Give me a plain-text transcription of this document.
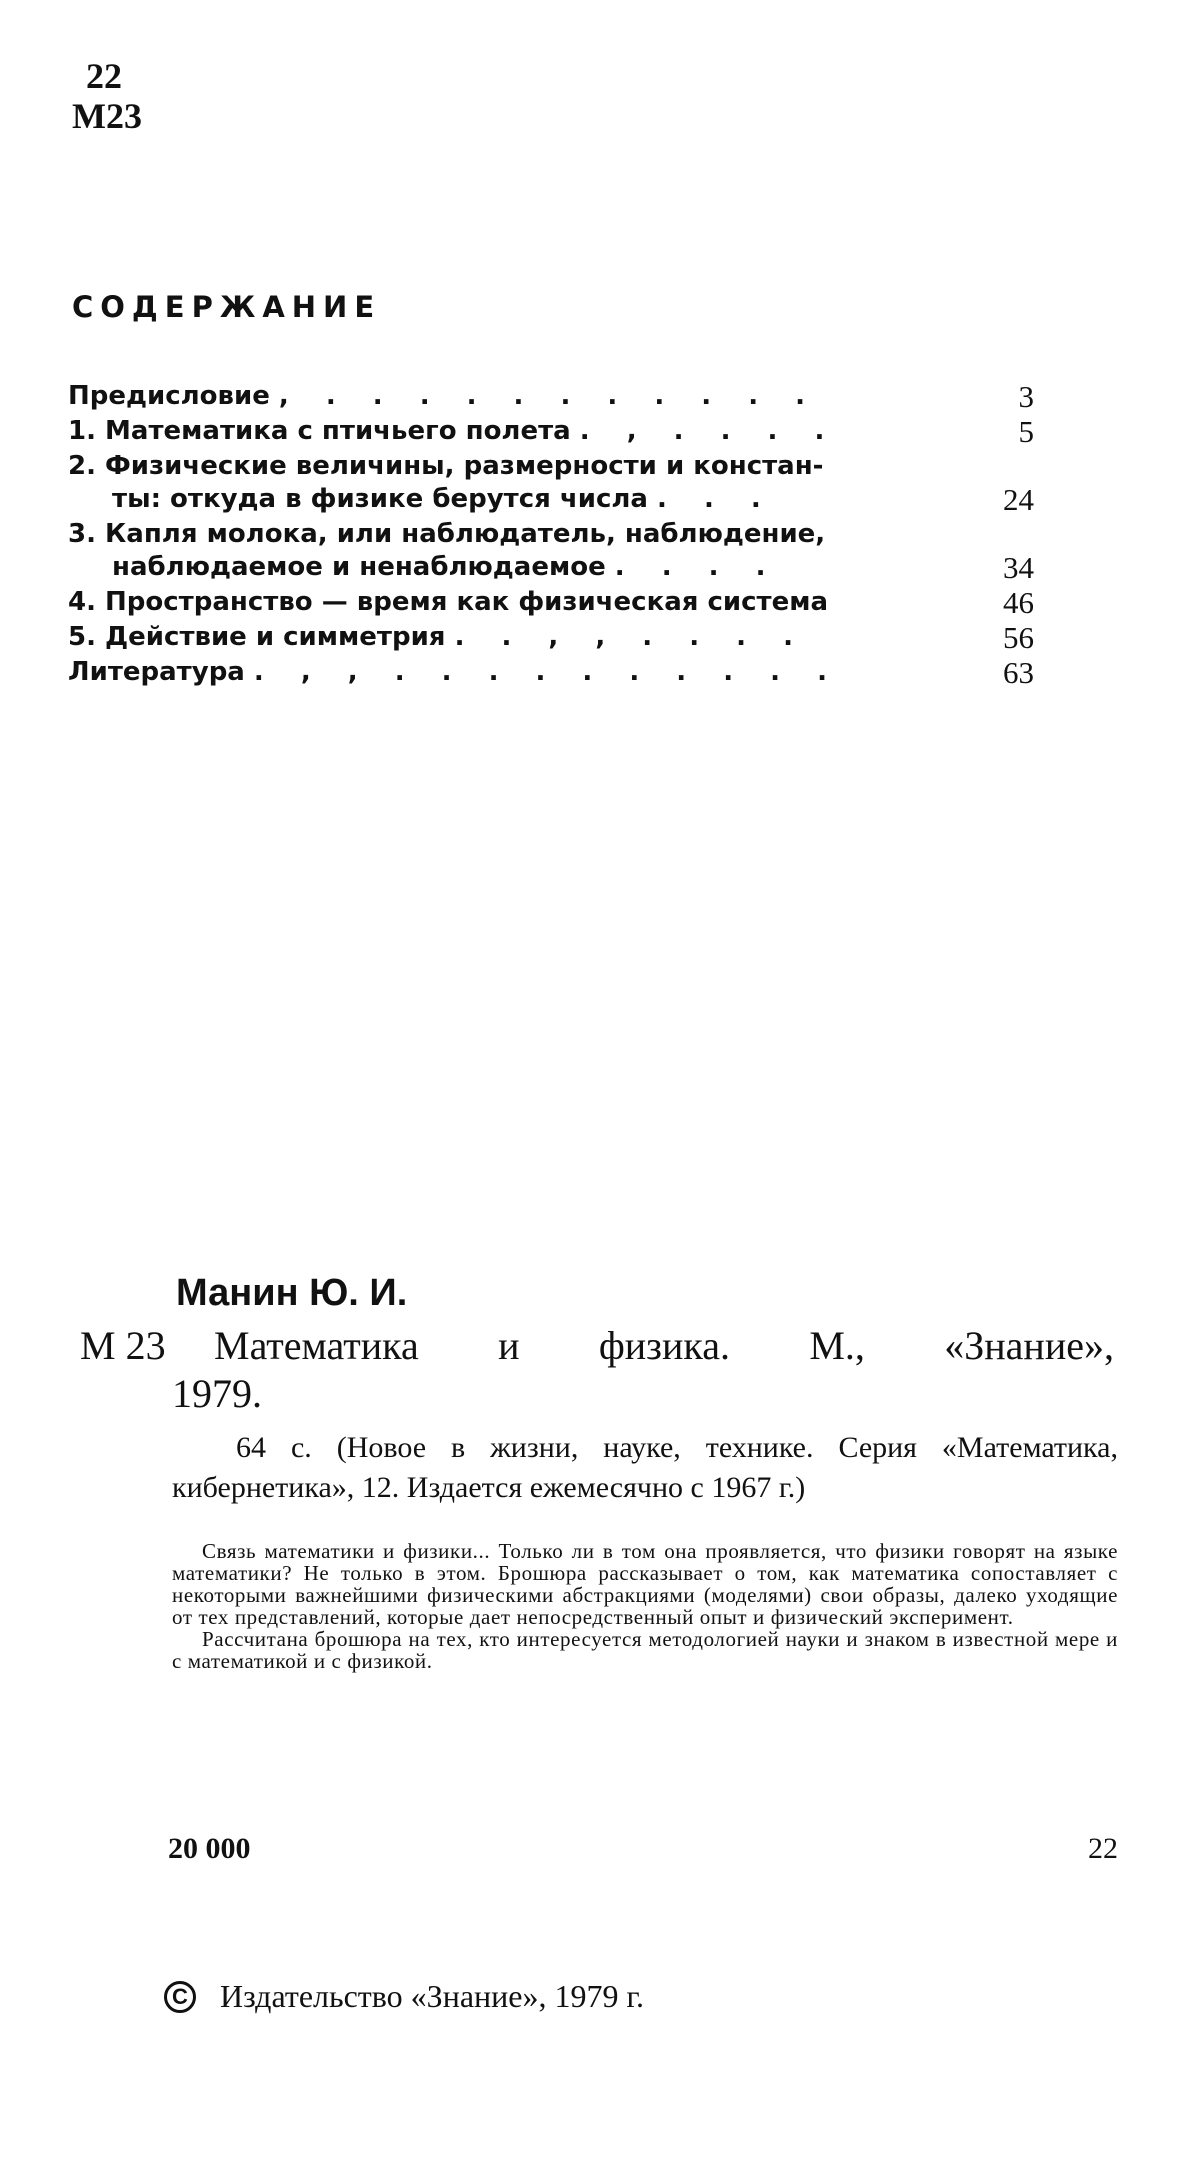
22
М23
СОДЕРЖАНИЕ
Предисловие , . . . . . . . . . . .	3
1. Математика с птичьего полета . , . . . .	5
2. Физические величины, размерности и констан-
ты: откуда в физике берутся числа . . .	24
3. Капля молока, или наблюдатель, наблюдение,
наблюдаемое и ненаблюдаемое . . . .	34
4. Пространство — время как физическая система	46
5. Действие и симметрия . . , , . . . .	56
Литература . , , . . . . . . . . . .	63
Манин Ю. И.
М 23 Математика и физика. М., «Знание»,
1979.
64 с. (Новое в жизни, науке, технике. Серия «Математика, кибернетика», 12. Издается ежемесячно с 1967 г.)

Связь математики и физики... Только ли в том она проявляется, что физики говорят на языке математики? Не только в этом. Брошюра рассказывает о том, как математика сопоставляет с некоторыми важнейшими физическими абстракциями (моделями) свои образы, далеко уходящие от тех представлений, которые дает непосредственный опыт и физический эксперимент.

Рассчитана брошюра на тех, кто интересуется методологией науки и знаком в известной мере и с математикой и с физикой.

20 000	22
C Издательство «Знание», 1979 г.
